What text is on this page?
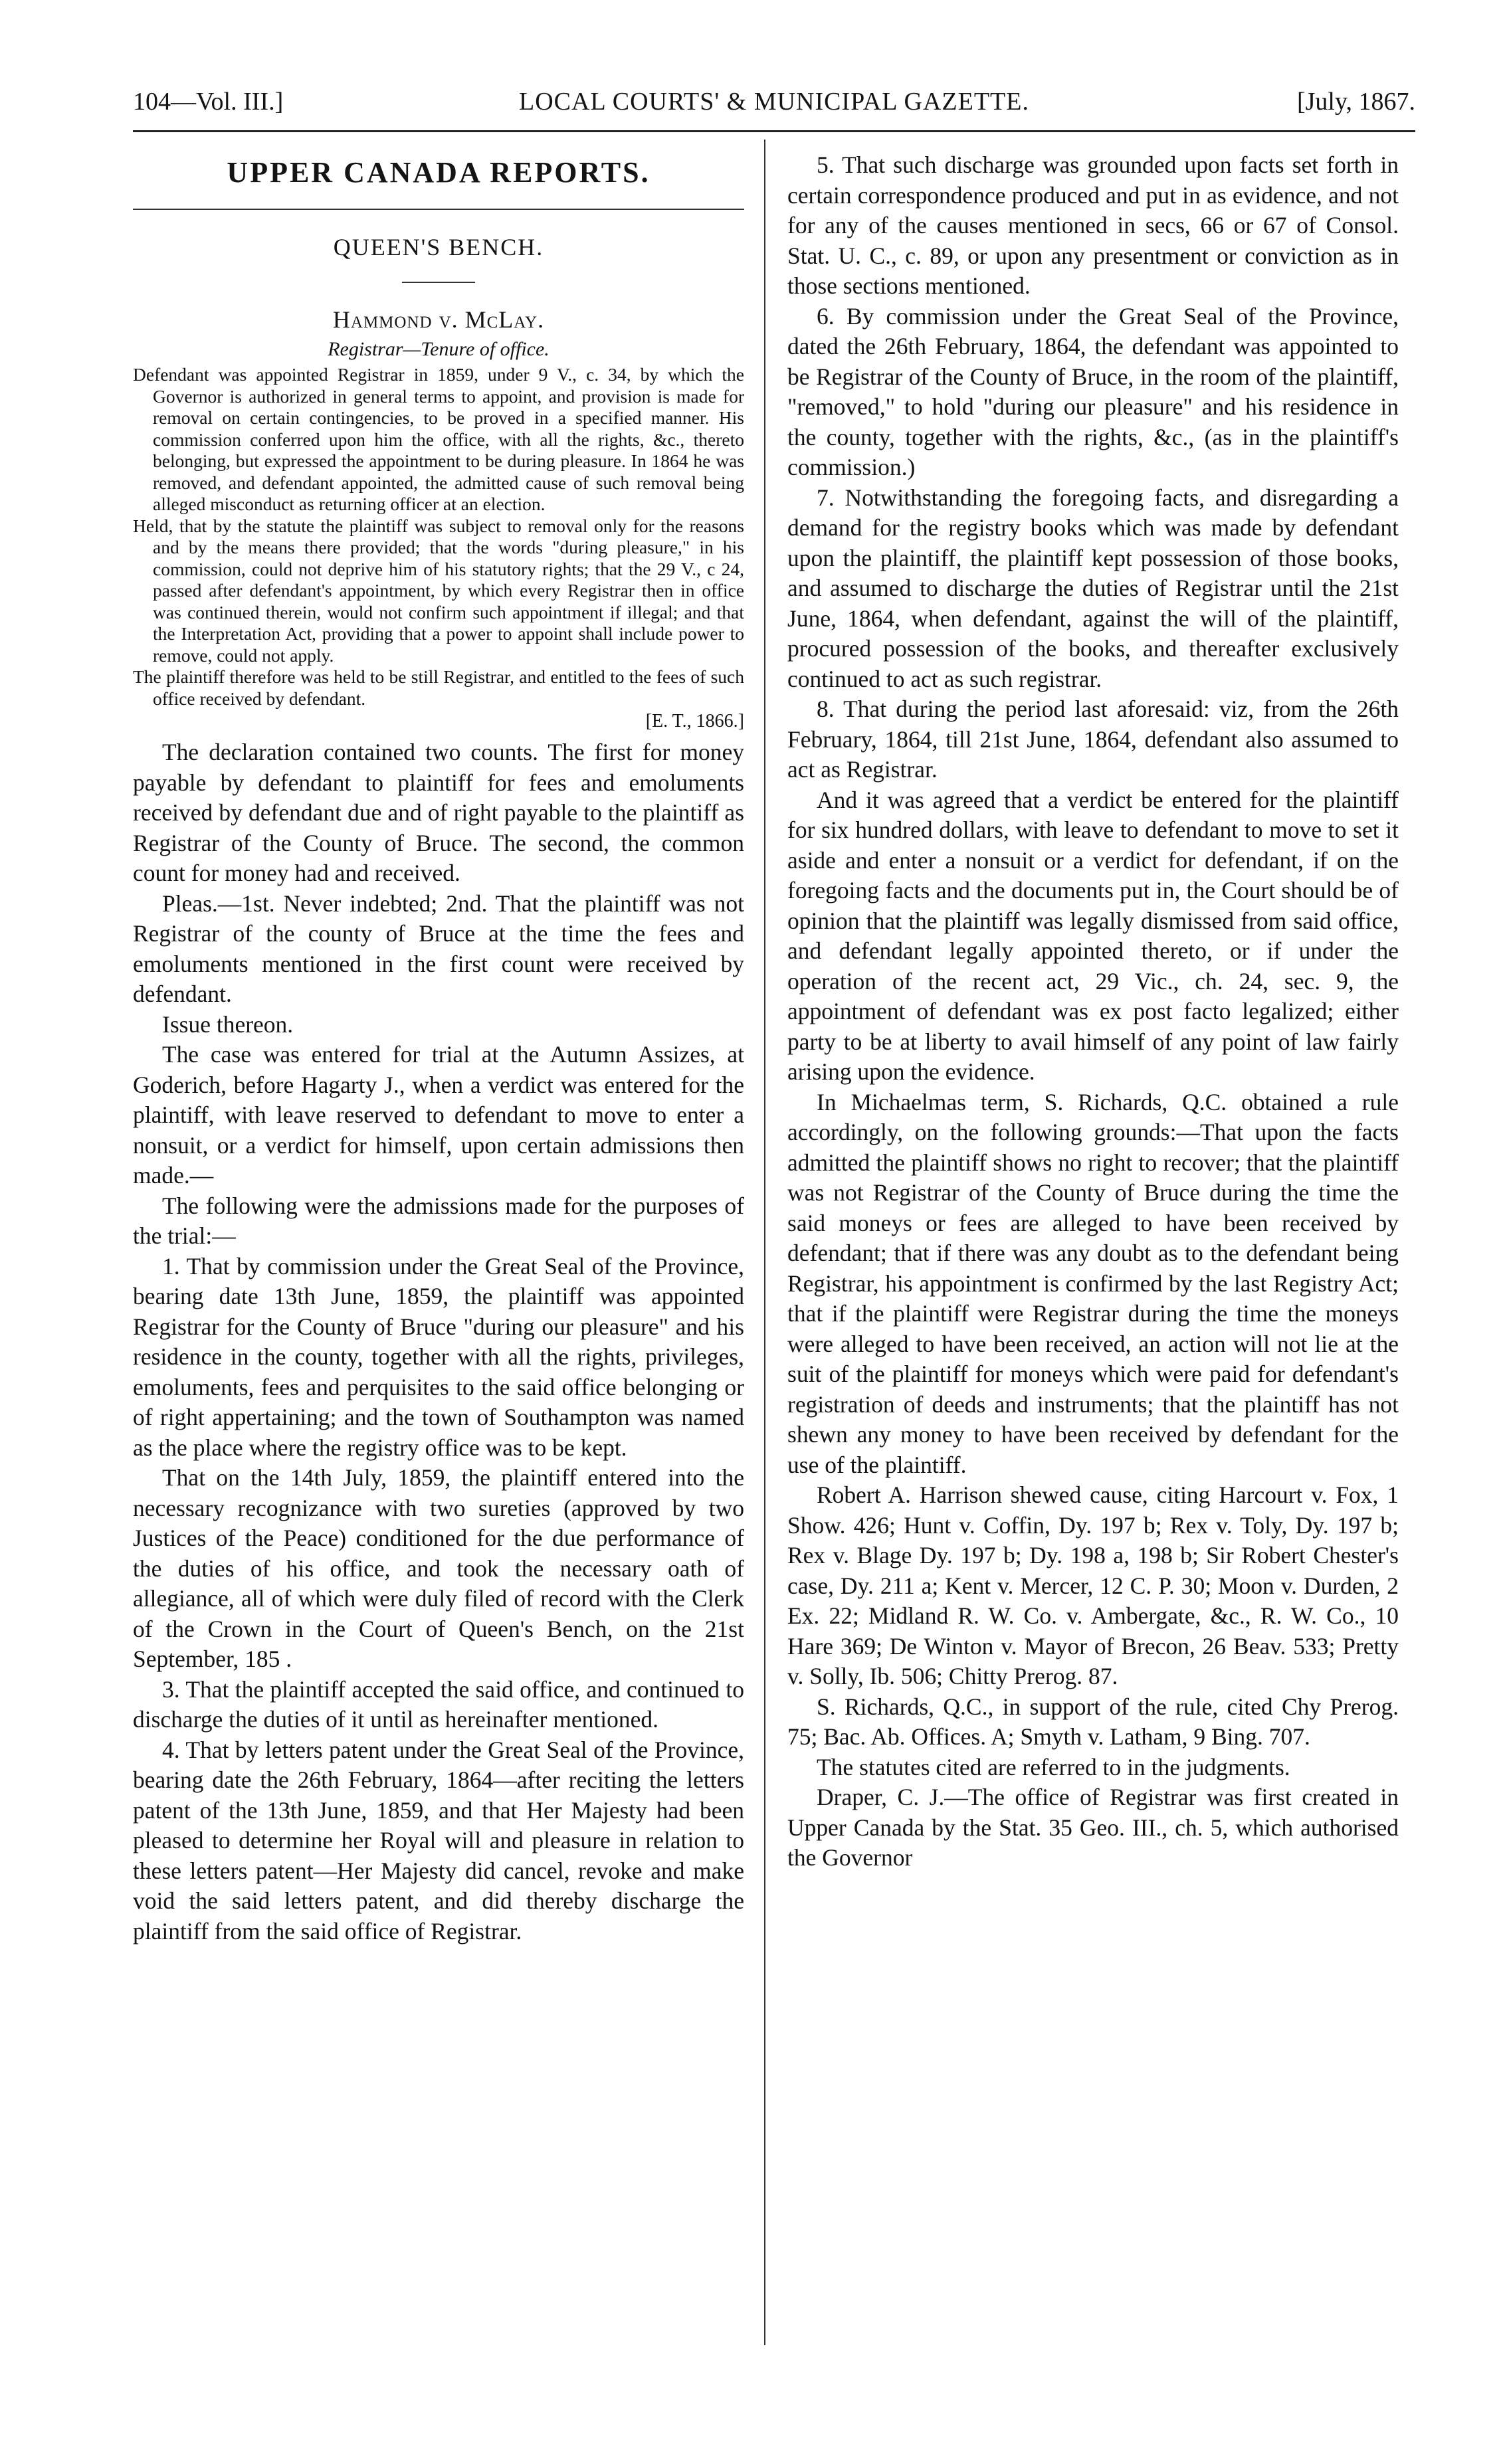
104—Vol. III.]	LOCAL COURTS' & MUNICIPAL GAZETTE.	[July, 1867.

UPPER CANADA REPORTS.

QUEEN'S BENCH.

Hammond v. McLay.

Registrar—Tenure of office.

Defendant was appointed Registrar in 1859, under 9 V., c. 34, by which the Governor is authorized in general terms to appoint, and provision is made for removal on certain contingencies, to be proved in a specified manner. His commission conferred upon him the office, with all the rights, &c., thereto belonging, but expressed the appointment to be during pleasure. In 1864 he was removed, and defendant appointed, the admitted cause of such removal being alleged misconduct as returning officer at an election.

Held, that by the statute the plaintiff was subject to removal only for the reasons and by the means there provided; that the words "during pleasure," in his commission, could not deprive him of his statutory rights; that the 29 V., c 24, passed after defendant's appointment, by which every Registrar then in office was continued therein, would not confirm such appointment if illegal; and that the Interpretation Act, providing that a power to appoint shall include power to remove, could not apply.

The plaintiff therefore was held to be still Registrar, and entitled to the fees of such office received by defendant.

[E. T., 1866.]

The declaration contained two counts. The first for money payable by defendant to plaintiff for fees and emoluments received by defendant due and of right payable to the plaintiff as Registrar of the County of Bruce. The second, the common count for money had and received.

Pleas.—1st. Never indebted; 2nd. That the plaintiff was not Registrar of the county of Bruce at the time the fees and emoluments mentioned in the first count were received by defendant.

Issue thereon.

The case was entered for trial at the Autumn Assizes, at Goderich, before Hagarty J., when a verdict was entered for the plaintiff, with leave reserved to defendant to move to enter a nonsuit, or a verdict for himself, upon certain admissions then made.—

The following were the admissions made for the purposes of the trial:—

1. That by commission under the Great Seal of the Province, bearing date 13th June, 1859, the plaintiff was appointed Registrar for the County of Bruce "during our pleasure" and his residence in the county, together with all the rights, privileges, emoluments, fees and perquisites to the said office belonging or of right appertaining; and the town of Southampton was named as the place where the registry office was to be kept.

That on the 14th July, 1859, the plaintiff entered into the necessary recognizance with two sureties (approved by two Justices of the Peace) conditioned for the due performance of the duties of his office, and took the necessary oath of allegiance, all of which were duly filed of record with the Clerk of the Crown in the Court of Queen's Bench, on the 21st September, 185 .

3. That the plaintiff accepted the said office, and continued to discharge the duties of it until as hereinafter mentioned.

4. That by letters patent under the Great Seal of the Province, bearing date the 26th February, 1864—after reciting the letters patent of the 13th June, 1859, and that Her Majesty had been pleased to determine her Royal will and pleasure in relation to these letters patent—Her Majesty did cancel, revoke and make void the said letters patent, and did thereby discharge the plaintiff from the said office of Registrar.

5. That such discharge was grounded upon facts set forth in certain correspondence produced and put in as evidence, and not for any of the causes mentioned in secs, 66 or 67 of Consol. Stat. U. C., c. 89, or upon any presentment or conviction as in those sections mentioned.

6. By commission under the Great Seal of the Province, dated the 26th February, 1864, the defendant was appointed to be Registrar of the County of Bruce, in the room of the plaintiff, "removed," to hold "during our pleasure" and his residence in the county, together with the rights, &c., (as in the plaintiff's commission.)

7. Notwithstanding the foregoing facts, and disregarding a demand for the registry books which was made by defendant upon the plaintiff, the plaintiff kept possession of those books, and assumed to discharge the duties of Registrar until the 21st June, 1864, when defendant, against the will of the plaintiff, procured possession of the books, and thereafter exclusively continued to act as such registrar.

8. That during the period last aforesaid: viz, from the 26th February, 1864, till 21st June, 1864, defendant also assumed to act as Registrar.

And it was agreed that a verdict be entered for the plaintiff for six hundred dollars, with leave to defendant to move to set it aside and enter a nonsuit or a verdict for defendant, if on the foregoing facts and the documents put in, the Court should be of opinion that the plaintiff was legally dismissed from said office, and defendant legally appointed thereto, or if under the operation of the recent act, 29 Vic., ch. 24, sec. 9, the appointment of defendant was ex post facto legalized; either party to be at liberty to avail himself of any point of law fairly arising upon the evidence.

In Michaelmas term, S. Richards, Q.C. obtained a rule accordingly, on the following grounds:—That upon the facts admitted the plaintiff shows no right to recover; that the plaintiff was not Registrar of the County of Bruce during the time the said moneys or fees are alleged to have been received by defendant; that if there was any doubt as to the defendant being Registrar, his appointment is confirmed by the last Registry Act; that if the plaintiff were Registrar during the time the moneys were alleged to have been received, an action will not lie at the suit of the plaintiff for moneys which were paid for defendant's registration of deeds and instruments; that the plaintiff has not shewn any money to have been received by defendant for the use of the plaintiff.

Robert A. Harrison shewed cause, citing Harcourt v. Fox, 1 Show. 426; Hunt v. Coffin, Dy. 197 b; Rex v. Toly, Dy. 197 b; Rex v. Blage Dy. 197 b; Dy. 198 a, 198 b; Sir Robert Chester's case, Dy. 211 a; Kent v. Mercer, 12 C. P. 30; Moon v. Durden, 2 Ex. 22; Midland R. W. Co. v. Ambergate, &c., R. W. Co., 10 Hare 369; De Winton v. Mayor of Brecon, 26 Beav. 533; Pretty v. Solly, Ib. 506; Chitty Prerog. 87.

S. Richards, Q.C., in support of the rule, cited Chy Prerog. 75; Bac. Ab. Offices. A; Smyth v. Latham, 9 Bing. 707.

The statutes cited are referred to in the judgments.

Draper, C. J.—The office of Registrar was first created in Upper Canada by the Stat. 35 Geo. III., ch. 5, which authorised the Governor
